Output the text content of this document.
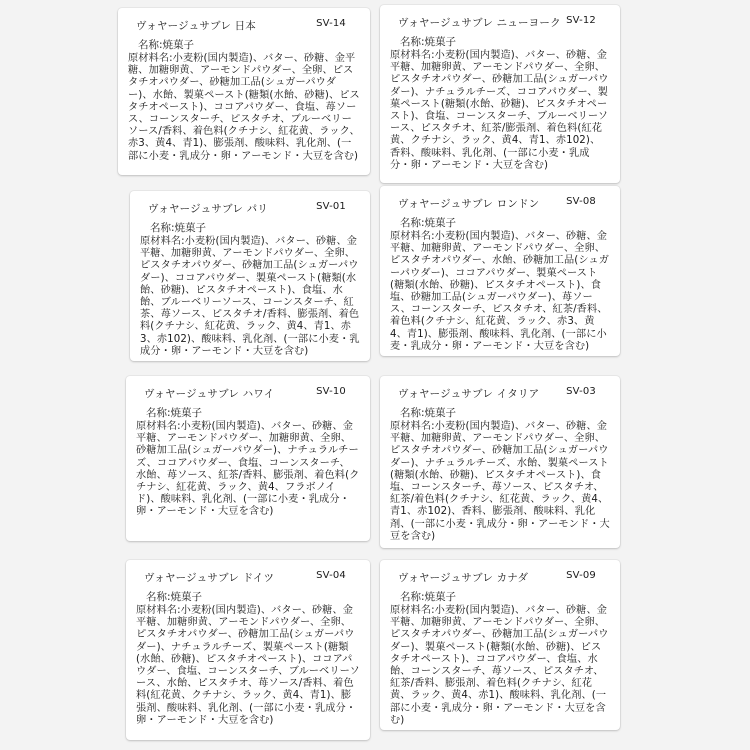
ヴォヤージュサブレ 日本	SV-14
名称:焼菓子
原材料名:小麦粉(国内製造)、バター、砂糖、金平糖、加糖卵黄、アーモンドパウダー、全卵、ピスタチオパウダー、砂糖加工品(シュガーパウダー)、水飴、製菓ペースト(糖類(水飴、砂糖)、ピスタチオペースト)、ココアパウダー、食塩、苺ソース、コーンスターチ、ピスタチオ、ブルーベリーソース/香料、着色料(クチナシ、紅花黄、ラック、赤3、黄4、青1)、膨張剤、酸味料、乳化剤、(一部に小麦・乳成分・卵・アーモンド・大豆を含む)
ヴォヤージュサブレ ニューヨーク SV-12
名称:焼菓子
原材料名:小麦粉(国内製造)、バター、砂糖、金平糖、加糖卵黄、アーモンドパウダー、全卵、ピスタチオパウダー、砂糖加工品(シュガーパウダー)、ナチュラルチーズ、ココアパウダー、製菓ペースト(糖類(水飴、砂糖)、ピスタチオペースト)、食塩、コーンスターチ、ブルーベリーソース、ピスタチオ、紅茶/膨張剤、着色料(紅花黄、クチナシ、ラック、黄4、青1、赤102)、香料、酸味料、乳化剤、(一部に小麦・乳成分・卵・アーモンド・大豆を含む)
ヴォヤージュサブレ パリ	SV-01
名称:焼菓子
原材料名:小麦粉(国内製造)、バター、砂糖、金平糖、加糖卵黄、アーモンドパウダー、全卵、ピスタチオパウダー、砂糖加工品(シュガーパウダー)、ココアパウダー、製菓ペースト(糖類(水飴、砂糖)、ピスタチオペースト)、食塩、水飴、ブルーベリーソース、コーンスターチ、紅茶、苺ソース、ピスタチオ/香料、膨張剤、着色料(クチナシ、紅花黄、ラック、黄4、青1、赤3、赤102)、酸味料、乳化剤、(一部に小麦・乳成分・卵・アーモンド・大豆を含む)
ヴォヤージュサブレ ロンドン	SV-08
名称:焼菓子
原材料名:小麦粉(国内製造)、バター、砂糖、金平糖、加糖卵黄、アーモンドパウダー、全卵、ピスタチオパウダー、水飴、砂糖加工品(シュガーパウダー)、ココアパウダー、製菓ペースト(糖類(水飴、砂糖)、ピスタチオペースト)、食塩、砂糖加工品(シュガーパウダー)、苺ソース、コーンスターチ、ピスタチオ、紅茶/香料、着色料(クチナシ、紅花黄、ラック、赤3、黄4、青1)、膨張剤、酸味料、乳化剤、(一部に小麦・乳成分・卵・アーモンド・大豆を含む)
ヴォヤージュサブレ ハワイ	SV-10
名称:焼菓子
原材料名:小麦粉(国内製造)、バター、砂糖、金平糖、アーモンドパウダー、加糖卵黄、全卵、砂糖加工品(シュガーパウダー)、ナチュラルチーズ、ココアパウダー、食塩、コーンスターチ、水飴、苺ソース、紅茶/香料、膨張剤、着色料(クチナシ、紅花黄、ラック、黄4、フラボノイド)、酸味料、乳化剤、(一部に小麦・乳成分・卵・アーモンド・大豆を含む)
ヴォヤージュサブレ イタリア	SV-03
名称:焼菓子
原材料名:小麦粉(国内製造)、バター、砂糖、金平糖、加糖卵黄、アーモンドパウダー、全卵、ピスタチオパウダー、砂糖加工品(シュガーパウダー)、ナチュラルチーズ、水飴、製菓ペースト(糖類(水飴、砂糖)、ピスタチオペースト)、食塩、コーンスターチ、苺ソース、ピスタチオ、紅茶/着色料(クチナシ、紅花黄、ラック、黄4、青1、赤102)、香料、膨張剤、酸味料、乳化剤、(一部に小麦・乳成分・卵・アーモンド・大豆を含む)
ヴォヤージュサブレ ドイツ	SV-04
名称:焼菓子
原材料名:小麦粉(国内製造)、バター、砂糖、金平糖、加糖卵黄、アーモンドパウダー、全卵、ピスタチオパウダー、砂糖加工品(シュガーパウダー)、ナチュラルチーズ、製菓ペースト(糖類(水飴、砂糖)、ピスタチオペースト)、ココアパウダー、食塩、コーンスターチ、ブルーベリーソース、水飴、ピスタチオ、苺ソース/香料、着色料(紅花黄、クチナシ、ラック、黄4、青1)、膨張剤、酸味料、乳化剤、(一部に小麦・乳成分・卵・アーモンド・大豆を含む)
ヴォヤージュサブレ カナダ	SV-09
名称:焼菓子
原材料名:小麦粉(国内製造)、バター、砂糖、金平糖、加糖卵黄、アーモンドパウダー、全卵、ピスタチオパウダー、砂糖加工品(シュガーパウダー)、製菓ペースト(糖類(水飴、砂糖)、ピスタチオペースト)、ココアパウダー、食塩、水飴、コーンスターチ、苺ソース、ピスタチオ、紅茶/香料、膨張剤、着色料(クチナシ、紅花黄、ラック、黄4、赤1)、酸味料、乳化剤、(一部に小麦・乳成分・卵・アーモンド・大豆を含む)
